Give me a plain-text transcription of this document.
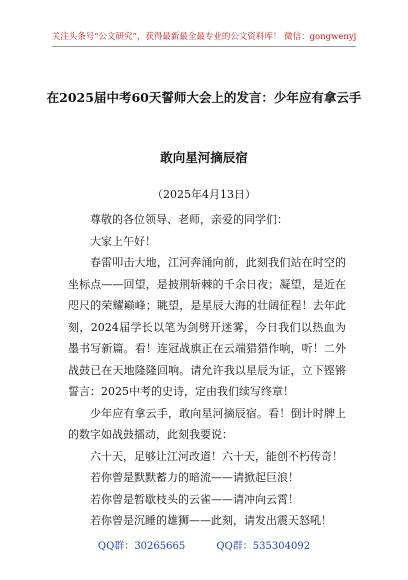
关注头条号“公文研究”，获得最新最全最专业的公文资料库！ 微信：gongwenyj
在2025届中考60天誓师大会上的发言：少年应有拿云手
敢向星河摘辰宿
（2025年4月13日）

尊敬的各位领导、老师，亲爱的同学们：

大家上午好！

春雷叩击大地，江河奔涌向前，此刻我们站在时空的坐标点——回望，是披荆斩棘的千余日夜；凝望，是近在咫尺的荣耀巅峰；眺望，是星辰大海的壮阔征程！去年此刻，2024届学长以笔为剑劈开迷雾，今日我们以热血为墨书写新篇。看！连冠战旗正在云端猎猎作响，听！二外战鼓已在天地隆隆回响。请允许我以星辰为证，立下铿锵誓言：2025中考的史诗，定由我们续写终章！

少年应有拿云手，敢向星河摘辰宿。看！倒计时牌上的数字如战鼓擂动，此刻我要说：

六十天，足够让江河改道！六十天，能创不朽传奇！

若你曾是默默蓄力的暗流——请掀起巨浪！

若你曾是暂歇枝头的云雀——请冲向云霄！

若你曾是沉睡的雄狮——此刻，请发出震天怒吼！

QQ群：30265665	QQ群：535304092
